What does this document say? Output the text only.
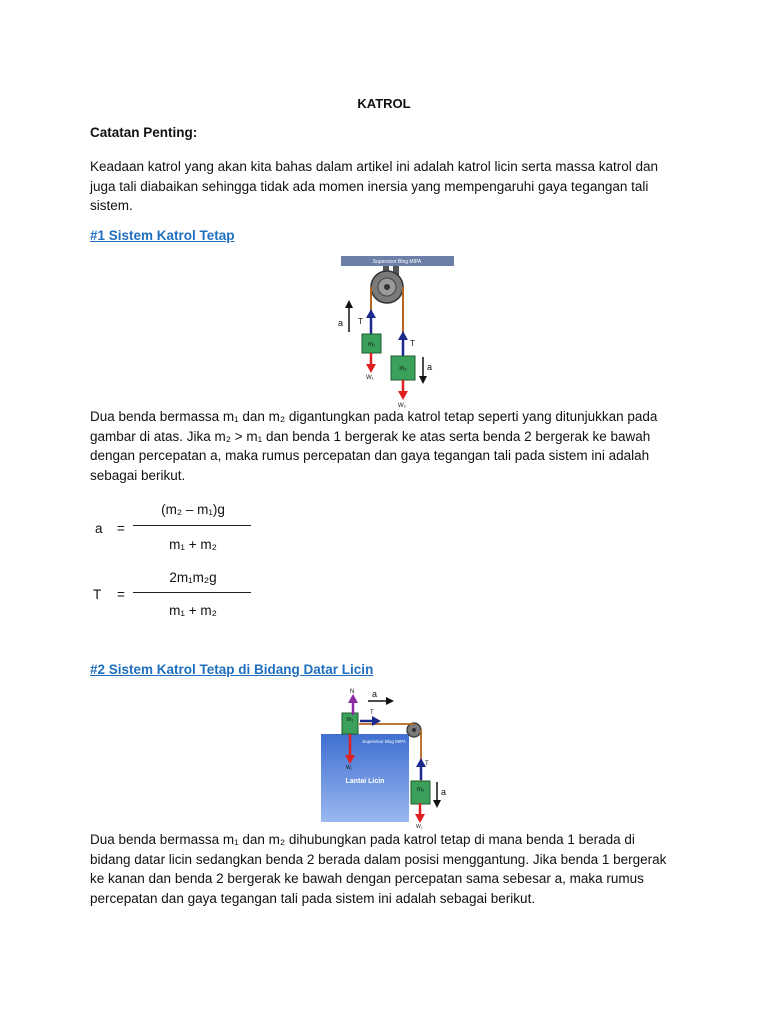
KATROL
Catatan Penting:
Keadaan katrol yang akan kita bahas dalam artikel ini adalah katrol licin serta massa katrol dan
juga tali diabaikan sehingga tidak ada momen inersia yang mempengaruhi gaya tegangan tali
sistem.
#1 Sistem Katrol Tetap
Supervisor Blog MIPA
a T
m₁
W₁
T
m₂
W₂
a
Dua benda bermassa m₁ dan m₂ digantungkan pada katrol tetap seperti yang ditunjukkan pada
gambar di atas. Jika m₂ > m₁ dan benda 1 bergerak ke atas serta benda 2 bergerak ke bawah
dengan percepatan a, maka rumus percepatan dan gaya tegangan tali pada sistem ini adalah
sebagai berikut.
a =
(m₂ – m₁)g
m₁ + m₂
T =
2m₁m₂g
m₁ + m₂
#2 Sistem Katrol Tetap di Bidang Datar Licin
Supervisor Blog MIPA
Lantai Licin
m₁
N a
T
W₁
T
m₂
W₂
a
Dua benda bermassa m₁ dan m₂ dihubungkan pada katrol tetap di mana benda 1 berada di
bidang datar licin sedangkan benda 2 berada dalam posisi menggantung. Jika benda 1 bergerak
ke kanan dan benda 2 bergerak ke bawah dengan percepatan sama sebesar a, maka rumus
percepatan dan gaya tegangan tali pada sistem ini adalah sebagai berikut.
